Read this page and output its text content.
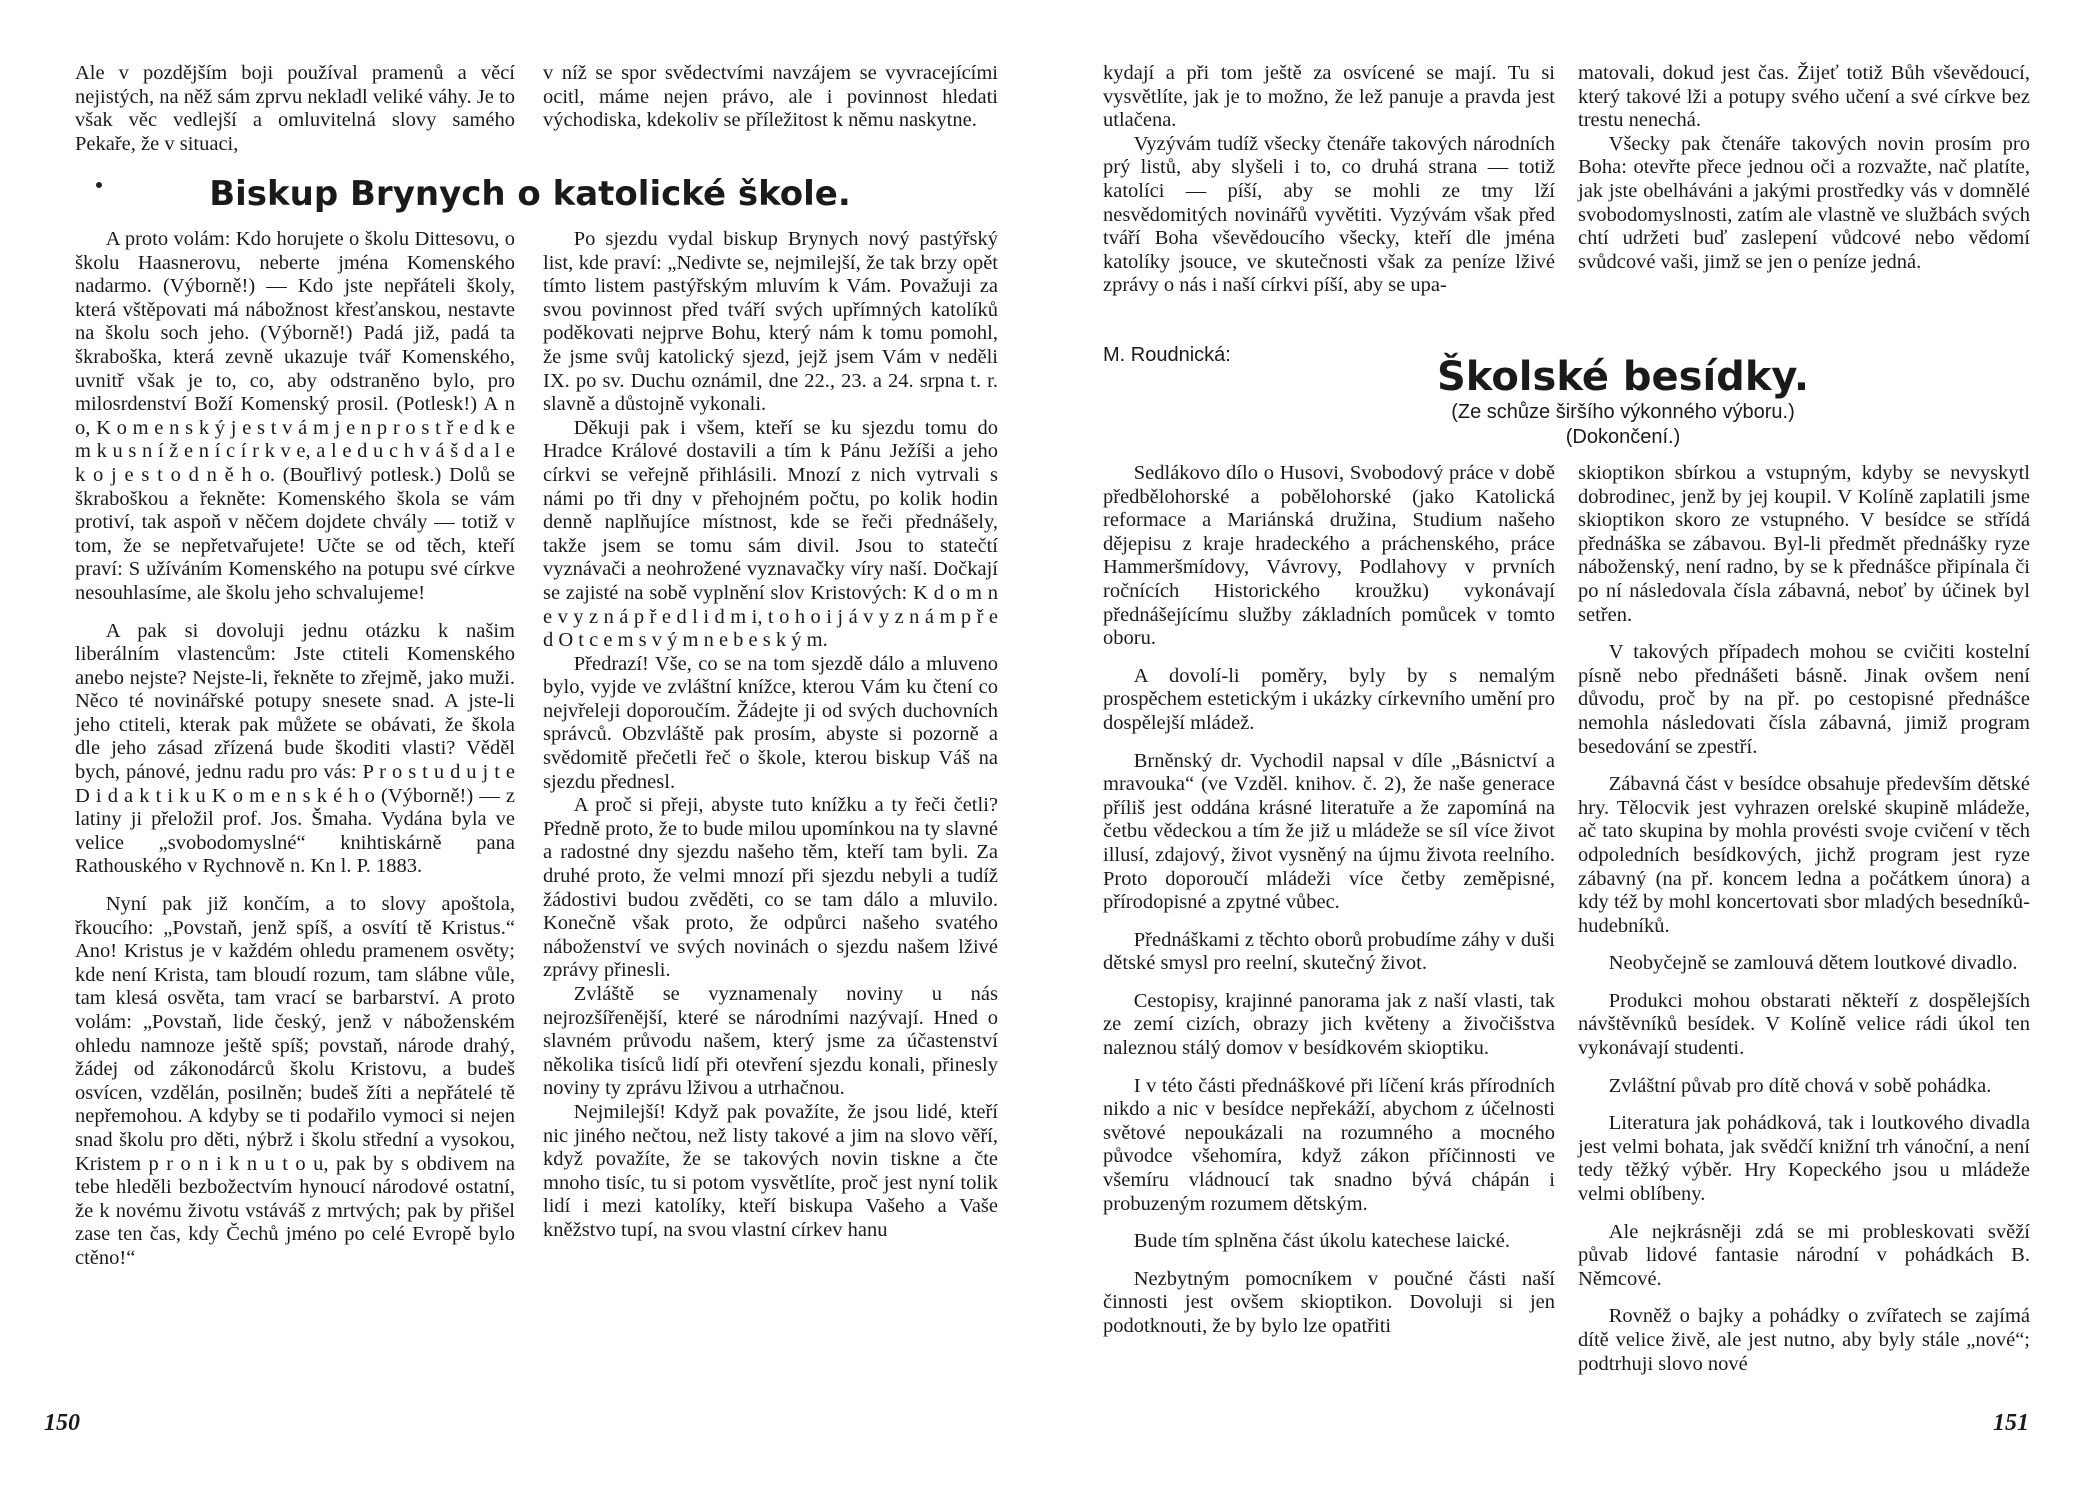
Ale v pozdějším boji používal pramenů a věcí nejistých, na něž sám zprvu nekladl veliké váhy. Je to však věc vedlejší a omluvitelná slovy samého Pekaře, že v situaci,

v níž se spor svědectvími navzájem se vyvracejícími ocitl, máme nejen právo, ale i povinnost hledati východiska, kdekoliv se příležitost k němu naskytne.

Biskup Brynych o katolické škole.

A proto volám: Kdo horujete o školu Dittesovu, o školu Haasnerovu, neberte jména Komenského nadarmo. (Výborně!) — Kdo jste nepřáteli školy, která vštěpovati má nábožnost křesťanskou, nestavte na školu soch jeho. (Výborně!) Padá již, padá ta škraboška, která zevně ukazuje tvář Komenského, uvnitř však je to, co, aby odstraněno bylo, pro milosrdenství Boží Komenský prosil. (Potlesk!) A n o, K o m e n s k ý j e s t v á m j e n p r o s t ř e d k e m k u s n í ž e n í c í r k v e, a l e d u c h v á š d a l e k o j e s t o d n ě h o. (Bouřlivý potlesk.) Dolů se škraboškou a řekněte: Komenského škola se vám protiví, tak aspoň v něčem dojdete chvály — totiž v tom, že se nepřetvařujete! Učte se od těch, kteří praví: S užíváním Komenského na potupu své církve nesouhlasíme, ale školu jeho schvalujeme!

A pak si dovoluji jednu otázku k našim liberálním vlastencům: Jste ctiteli Komenského anebo nejste? Nejste-li, řekněte to zřejmě, jako muži. Něco té novinářské potupy snesete snad. A jste-li jeho ctiteli, kterak pak můžete se obávati, že škola dle jeho zásad zřízená bude škoditi vlasti? Věděl bych, pánové, jednu radu pro vás: P r o s t u d u j t e D i d a k t i k u K o m e n s k é h o (Výborně!) — z latiny ji přeložil prof. Jos. Šmaha. Vydána byla ve velice „svobodomyslné“ knihtiskárně pana Rathouského v Rychnově n. Kn l. P. 1883.

Nyní pak již končím, a to slovy apoštola, řkoucího: „Povstaň, jenž spíš, a osvítí tě Kristus.“ Ano! Kristus je v každém ohledu pramenem osvěty; kde není Krista, tam bloudí rozum, tam slábne vůle, tam klesá osvěta, tam vrací se barbarství. A proto volám: „Povstaň, lide český, jenž v náboženském ohledu namnoze ještě spíš; povstaň, národe drahý, žádej od zákonodárců školu Kristovu, a budeš osvícen, vzdělán, posilněn; budeš žíti a nepřátelé tě nepřemohou. A kdyby se ti podařilo vymoci si nejen snad školu pro děti, nýbrž i školu střední a vysokou, Kristem p r o n i k n u t o u, pak by s obdivem na tebe hleděli bezbožectvím hynoucí národové ostatní, že k novému životu vstáváš z mrtvých; pak by přišel zase ten čas, kdy Čechů jméno po celé Evropě bylo ctěno!“

Po sjezdu vydal biskup Brynych nový pastýřský list, kde praví: „Nedivte se, nejmilejší, že tak brzy opět tímto listem pastýřským mluvím k Vám. Považuji za svou povinnost před tváří svých upřímných katolíků poděkovati nejprve Bohu, který nám k tomu pomohl, že jsme svůj katolický sjezd, jejž jsem Vám v neděli IX. po sv. Duchu oznámil, dne 22., 23. a 24. srpna t. r. slavně a důstojně vykonali.

Děkuji pak i všem, kteří se ku sjezdu tomu do Hradce Králové dostavili a tím k Pánu Ježíši a jeho církvi se veřejně přihlásili. Mnozí z nich vytrvali s námi po tři dny v přehojném počtu, po kolik hodin denně naplňujíce místnost, kde se řeči přednášely, takže jsem se tomu sám divil. Jsou to statečtí vyznávači a neohrožené vyznavačky víry naší. Dočkají se zajisté na sobě vyplnění slov Kristových: K d o m n e v y z n á p ř e d l i d m i, t o h o i j á v y z n á m p ř e d O t c e m s v ý m n e b e s k ý m.

Předrazí! Vše, co se na tom sjezdě dálo a mluveno bylo, vyjde ve zvláštní knížce, kterou Vám ku čtení co nejvřeleji doporoučím. Žádejte ji od svých duchovních správců. Obzvláště pak prosím, abyste si pozorně a svědomitě přečetli řeč o škole, kterou biskup Váš na sjezdu přednesl.

A proč si přeji, abyste tuto knížku a ty řeči četli? Předně proto, že to bude milou upomínkou na ty slavné a radostné dny sjezdu našeho těm, kteří tam byli. Za druhé proto, že velmi mnozí při sjezdu nebyli a tudíž žádostivi budou zvěděti, co se tam dálo a mluvilo. Konečně však proto, že odpůrci našeho svatého náboženství ve svých novinách o sjezdu našem lživé zprávy přinesli.

Zvláště se vyznamenaly noviny u nás nejrozšířenější, které se národními nazývají. Hned o slavném průvodu našem, který jsme za účastenství několika tisíců lidí při otevření sjezdu konali, přinesly noviny ty zprávu lživou a utrhačnou.

Nejmilejší! Když pak považíte, že jsou lidé, kteří nic jiného nečtou, než listy takové a jim na slovo věří, když považíte, že se takových novin tiskne a čte mnoho tisíc, tu si potom vysvětlíte, proč jest nyní tolik lidí i mezi katolíky, kteří biskupa Vašeho a Vaše kněžstvo tupí, na svou vlastní církev hanu

150

kydají a při tom ještě za osvícené se mají. Tu si vysvětlíte, jak je to možno, že lež panuje a pravda jest utlačena.

Vyzývám tudíž všecky čtenáře takových národních prý listů, aby slyšeli i to, co druhá strana — totiž katolíci — píší, aby se mohli ze tmy lží nesvědomitých novinářů vyvětiti. Vyzývám však před tváří Boha vševědoucího všecky, kteří dle jména katolíky jsouce, ve skutečnosti však za peníze lživé zprávy o nás i naší církvi píší, aby se upa-

matovali, dokud jest čas. Žijeť totiž Bůh vševědoucí, který takové lži a potupy svého učení a své církve bez trestu nenechá.

Všecky pak čtenáře takových novin prosím pro Boha: otevřte přece jednou oči a rozvažte, nač platíte, jak jste obelháváni a jakými prostředky vás v domnělé svobodomyslnosti, zatím ale vlastně ve službách svých chtí udržeti buď zaslepení vůdcové nebo vědomí svůdcové vaši, jimž se jen o peníze jedná.

M. Roudnická:	Školské besídky.
(Ze schůze širšího výkonného výboru.)
(Dokončení.)

Sedlákovo dílo o Husovi, Svobodový práce v době předbělohorské a pobělohorské (jako Katolická reformace a Mariánská družina, Studium našeho dějepisu z kraje hradeckého a práchenského, práce Hammeršmídovy, Vávrovy, Podlahovy v prvních ročnících Historického kroužku) vykonávají přednášejícímu služby základních pomůcek v tomto oboru.

A dovolí-li poměry, byly by s nemalým prospěchem estetickým i ukázky církevního umění pro dospělejší mládež.

Brněnský dr. Vychodil napsal v díle „Básnictví a mravouka“ (ve Vzděl. knihov. č. 2), že naše generace příliš jest oddána krásné literatuře a že zapomíná na četbu vědeckou a tím že již u mládeže se síl více život illusí, zdajový, život vysněný na újmu života reelního. Proto doporoučí mládeži více četby zeměpisné, přírodopisné a zpytné vůbec.

Přednáškami z těchto oborů probudíme záhy v duši dětské smysl pro reelní, skutečný život.

Cestopisy, krajinné panorama jak z naší vlasti, tak ze zemí cizích, obrazy jich květeny a živočišstva naleznou stálý domov v besídkovém skioptiku.

I v této části přednáškové při líčení krás přírodních nikdo a nic v besídce nepřekáží, abychom z účelnosti světové nepoukázali na rozumného a mocného původce všehomíra, když zákon příčinnosti ve všemíru vládnoucí tak snadno bývá chápán i probuzeným rozumem dětským.

Bude tím splněna část úkolu katechese laické.

Nezbytným pomocníkem v poučné části naší činnosti jest ovšem skioptikon. Dovoluji si jen podotknouti, že by bylo lze opatřiti

skioptikon sbírkou a vstupným, kdyby se nevyskytl dobrodinec, jenž by jej koupil. V Kolíně zaplatili jsme skioptikon skoro ze vstupného. V besídce se střídá přednáška se zábavou. Byl-li předmět přednášky ryze náboženský, není radno, by se k přednášce připínala či po ní následovala čísla zábavná, neboť by účinek byl setřen.

V takových případech mohou se cvičiti kostelní písně nebo přednášeti básně. Jinak ovšem není důvodu, proč by na př. po cestopisné přednášce nemohla následovati čísla zábavná, jimiž program besedování se zpestří.

Zábavná část v besídce obsahuje především dětské hry. Tělocvik jest vyhrazen orelské skupině mládeže, ač tato skupina by mohla provésti svoje cvičení v těch odpoledních besídkových, jichž program jest ryze zábavný (na př. koncem ledna a počátkem února) a kdy též by mohl koncertovati sbor mladých besedníků-hudebníků.

Neobyčejně se zamlouvá dětem loutkové divadlo.

Produkci mohou obstarati někteří z dospělejších návštěvníků besídek. V Kolíně velice rádi úkol ten vykonávají studenti.

Zvláštní půvab pro dítě chová v sobě pohádka.

Literatura jak pohádková, tak i loutkového divadla jest velmi bohata, jak svědčí knižní trh vánoční, a není tedy těžký výběr. Hry Kopeckého jsou u mládeže velmi oblíbeny.

Ale nejkrásněji zdá se mi probleskovati svěží půvab lidové fantasie národní v pohádkách B. Němcové.

Rovněž o bajky a pohádky o zvířatech se zajímá dítě velice živě, ale jest nutno, aby byly stále „nové“; podtrhuji slovo nové

151
